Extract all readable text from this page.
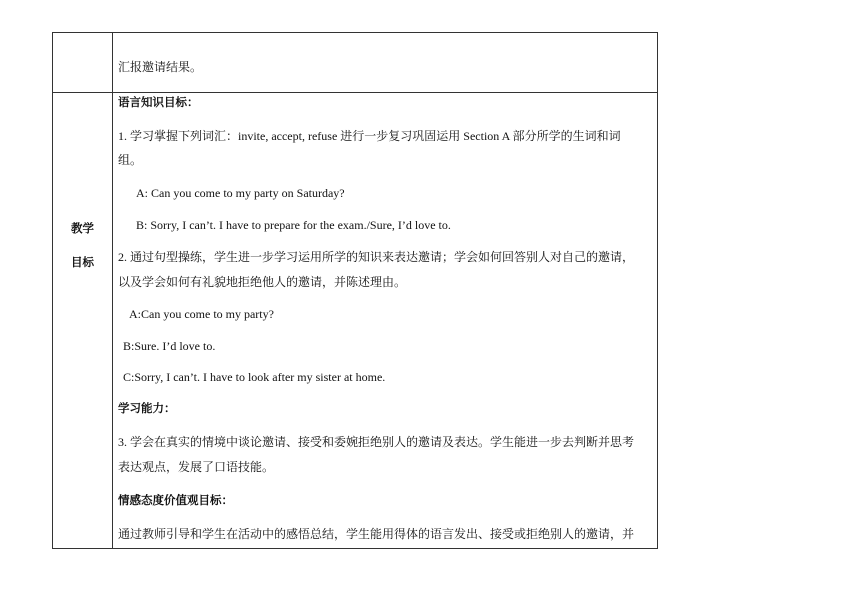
汇报邀请结果。
教学
目标
语言知识目标：
1. 学习掌握下列词汇：invite, accept, refuse 进行一步复习巩固运用 Section A 部分所学的生词和词
组。
A: Can you come to my party on Saturday?
B: Sorry, I can’t. I have to prepare for the exam./Sure, I’d love to.
2. 通过句型操练，学生进一步学习运用所学的知识来表达邀请；学会如何回答别人对自己的邀请，
以及学会如何有礼貌地拒绝他人的邀请，并陈述理由。
A:Can you come to my party?
B:Sure. I’d love to.
C:Sorry, I can’t. I have to look after my sister at home.
学习能力：
3. 学会在真实的情境中谈论邀请、接受和委婉拒绝别人的邀请及表达。学生能进一步去判断并思考
表达观点，发展了口语技能。
情感态度价值观目标：
通过教师引导和学生在活动中的感悟总结，学生能用得体的语言发出、接受或拒绝别人的邀请，并
